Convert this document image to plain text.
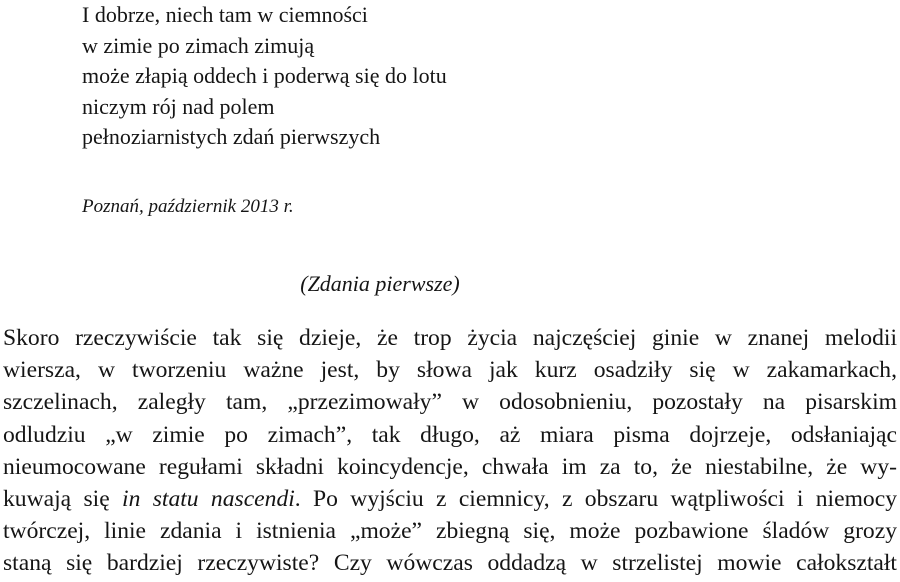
I dobrze, niech tam w ciemności
w zimie po zimach zimują
może złapią oddech i poderwą się do lotu
niczym rój nad polem
pełnoziarnistych zdań pierwszych
Poznań, październik 2013 r.
(Zdania pierwsze)
Skoro rzeczywiście tak się dzieje, że trop życia najczęściej ginie w znanej melodii
wiersza, w tworzeniu ważne jest, by słowa jak kurz osadziły się w zakamarkach,
szczelinach, zaległy tam, „przezimowały” w odosobnieniu, pozostały na pisarskim
odludziu „w zimie po zimach”, tak długo, aż miara pisma dojrzeje, odsłaniając
nieumocowane regułami składni koincydencje, chwała im za to, że niestabilne, że wy-
kuwają się in statu nascendi. Po wyjściu z ciemnicy, z obszaru wątpliwości i niemocy
twórczej, linie zdania i istnienia „może” zbiegną się, może pozbawione śladów grozy
staną się bardziej rzeczywiste? Czy wówczas oddadzą w strzelistej mowie całokształt
